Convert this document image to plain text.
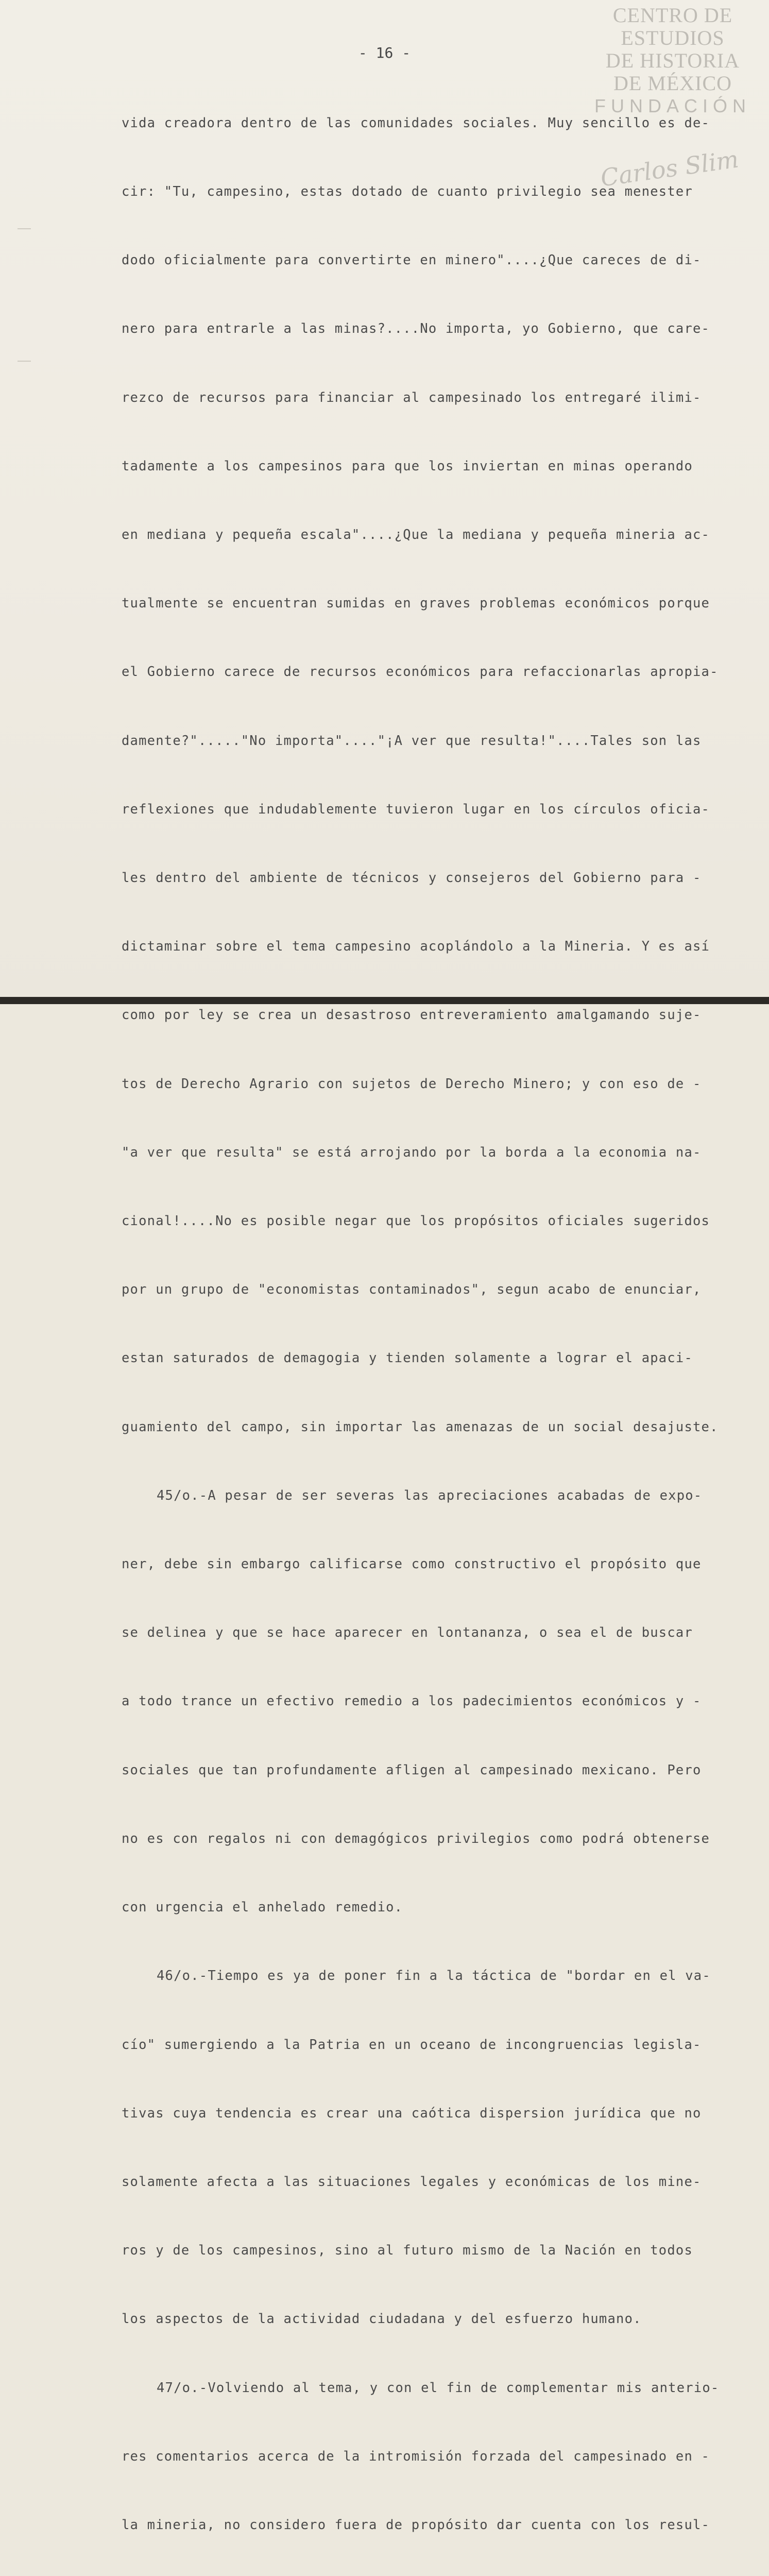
CENTRO DE
ESTUDIOS
DE HISTORIA
DE MÉXICO
FUNDACIÓN
Carlos Slim
- 16 -

vida creadora dentro de las comunidades sociales. Muy sencillo es de-

cir: "Tu, campesino, estas dotado de cuanto privilegio sea menester

dodo oficialmente para convertirte en minero"....¿Que careces de di-

nero para entrarle a las minas?....No importa, yo Gobierno, que care-

rezco de recursos para financiar al campesinado los entregaré ilimi-

tadamente a los campesinos para que los inviertan en minas operando

en mediana y pequeña escala"....¿Que la mediana y pequeña mineria ac-

tualmente se encuentran sumidas en graves problemas económicos porque

el Gobierno carece de recursos económicos para refaccionarlas apropia-

damente?"....."No importa"...."¡A ver que resulta!"....Tales son las

reflexiones que indudablemente tuvieron lugar en los círculos oficia-

les dentro del ambiente de técnicos y consejeros del Gobierno para -

dictaminar sobre el tema campesino acoplándolo a la Mineria. Y es así

como por ley se crea un desastroso entreveramiento amalgamando suje-

tos de Derecho Agrario con sujetos de Derecho Minero; y con eso de -

"a ver que resulta" se está arrojando por la borda a la economia na-

cional!....No es posible negar que los propósitos oficiales sugeridos

por un grupo de "economistas contaminados", segun acabo de enunciar,

estan saturados de demagogia y tienden solamente a lograr el apaci-

guamiento del campo, sin importar las amenazas de un social desajuste.

45/o.-A pesar de ser severas las apreciaciones acabadas de expo-

ner, debe sin embargo calificarse como constructivo el propósito que

se delinea y que se hace aparecer en lontananza, o sea el de buscar

a todo trance un efectivo remedio a los padecimientos económicos y -

sociales que tan profundamente afligen al campesinado mexicano. Pero

no es con regalos ni con demagógicos privilegios como podrá obtenerse

con urgencia el anhelado remedio.

46/o.-Tiempo es ya de poner fin a la táctica de "bordar en el va-

cío" sumergiendo a la Patria en un oceano de incongruencias legisla-

tivas cuya tendencia es crear una caótica dispersion jurídica que no

solamente afecta a las situaciones legales y económicas de los mine-

ros y de los campesinos, sino al futuro mismo de la Nación en todos

los aspectos de la actividad ciudadana y del esfuerzo humano.

47/o.-Volviendo al tema, y con el fin de complementar mis anterio-

res comentarios acerca de la intromisión forzada del campesinado en -

la mineria, no considero fuera de propósito dar cuenta con los resul-
